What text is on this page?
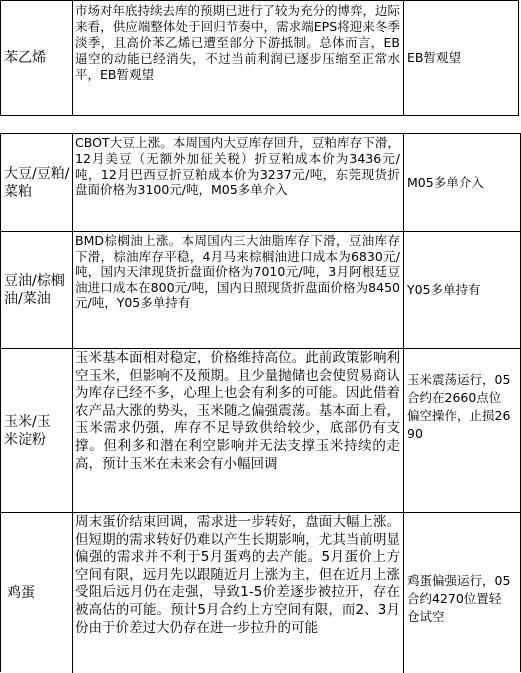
苯乙烯
市场对年底持续去库的预期已进行了较为充分的博弈，边际来看，供应端整体处于回归节奏中，需求端EPS将迎来冬季淡季，且高价苯乙烯已遭至部分下游抵制。总体而言，EB逼空的动能已经消失，不过当前利润已逐步压缩至正常水平，EB暂观望
EB暂观望
大豆/豆粕/菜粕
CBOT大豆上涨。本周国内大豆库存回升，豆粕库存下滑，12月美豆（无额外加征关税）折豆粕成本价为3436元/吨，12月巴西豆折豆粕成本价为3237元/吨，东莞现货折盘面价格为3100元/吨，M05多单介入
M05多单介入
豆油/棕榈油/菜油
BMD棕榈油上涨。本周国内三大油脂库存下滑，豆油库存下滑，棕油库存平稳，4月马来棕榈油进口成本为6830元/吨，国内天津现货折盘面价格为7010元/吨，3月阿根廷豆油进口成本在800元/吨，国内日照现货折盘面价格为8450元/吨，Y05多单持有
Y05多单持有
玉米/玉米淀粉
玉米基本面相对稳定，价格维持高位。此前政策影响利空玉米，但影响不及预期。且少量抛储也会使贸易商认为库存已经不多，心理上也会有利多的可能。因此借着农产品大涨的势头，玉米随之偏强震荡。基本面上看，玉米需求仍强，库存不足导致供给较少，底部仍有支撑。但利多和潜在利空影响并无法支撑玉米持续的走高，预计玉米在未来会有小幅回调
玉米震荡运行，05合约在2660点位偏空操作，止损2690
鸡蛋
周末蛋价结束回调，需求进一步转好，盘面大幅上涨。但短期的需求转好仍难以产生长期影响，尤其当前明显偏强的需求并不利于5月蛋鸡的去产能。5月蛋价上方空间有限，远月先以跟随近月上涨为主，但在近月上涨受阻后远月仍在走强，导致1-5价差逐步被拉开，存在被高估的可能。预计5月合约上方空间有限，而2、3月份由于价差过大仍存在进一步拉升的可能
鸡蛋偏强运行，05合约4270位置轻仓试空
